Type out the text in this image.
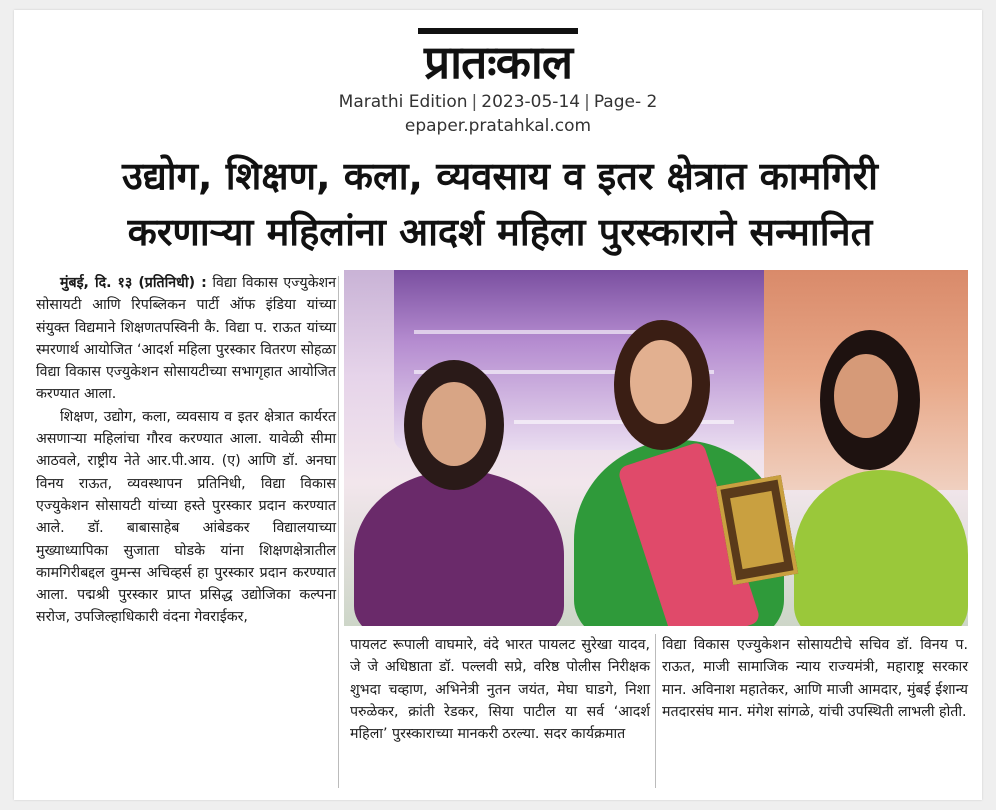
प्रातःकाल
Marathi Edition | 2023-05-14 | Page- 2
epaper.pratahkal.com
उद्योग, शिक्षण, कला, व्यवसाय व इतर क्षेत्रात कामगिरी
करणाऱ्या महिलांना आदर्श महिला पुरस्काराने सन्मानित

मुंबई, दि. १३ (प्रतिनिधी) : विद्या विकास एज्युकेशन सोसायटी आणि रिपब्लिकन पार्टी ऑफ इंडिया यांच्या संयुक्त विद्यमाने शिक्षणतपस्विनी कै. विद्या प. राऊत यांच्या स्मरणार्थ आयोजित ‘आदर्श महिला पुरस्कार वितरण सोहळा विद्या विकास एज्युकेशन सोसायटीच्या सभागृहात आयोजित करण्यात आला.

शिक्षण, उद्योग, कला, व्यवसाय व इतर क्षेत्रात कार्यरत असणाऱ्या महिलांचा गौरव करण्यात आला. यावेळी सीमा आठवले, राष्ट्रीय नेते आर.पी.आय. (ए) आणि डॉ. अनघा विनय राऊत, व्यवस्थापन प्रतिनिधी, विद्या विकास एज्युकेशन सोसायटी यांच्या हस्ते पुरस्कार प्रदान करण्यात आले. डॉ. बाबासाहेब आंबेडकर विद्यालयाच्या मुख्याध्यापिका सुजाता घोडके यांना शिक्षणक्षेत्रातील कामगिरीबद्दल वुमन्स अचिव्हर्स हा पुरस्कार प्रदान करण्यात आला. पद्मश्री पुरस्कार प्राप्त प्रसिद्ध उद्योजिका कल्पना सरोज, उपजिल्हाधिकारी वंदना गेवराईकर,

पायलट रूपाली वाघमारे, वंदे भारत पायलट सुरेखा यादव, जे जे अधिष्ठाता डॉ. पल्लवी सप्रे, वरिष्ठ पोलीस निरीक्षक शुभदा चव्हाण, अभिनेत्री नुतन जयंत, मेघा घाडगे, निशा परुळेकर, क्रांती रेडकर, सिया पाटील या सर्व ‘आदर्श महिला’ पुरस्काराच्या मानकरी ठरल्या. सदर कार्यक्रमात

विद्या विकास एज्युकेशन सोसायटीचे सचिव डॉ. विनय प. राऊत, माजी सामाजिक न्याय राज्यमंत्री, महाराष्ट्र सरकार मान. अविनाश महातेकर, आणि माजी आमदार, मुंबई ईशान्य मतदारसंघ मान. मंगेश सांगळे, यांची उपस्थिती लाभली होती.
